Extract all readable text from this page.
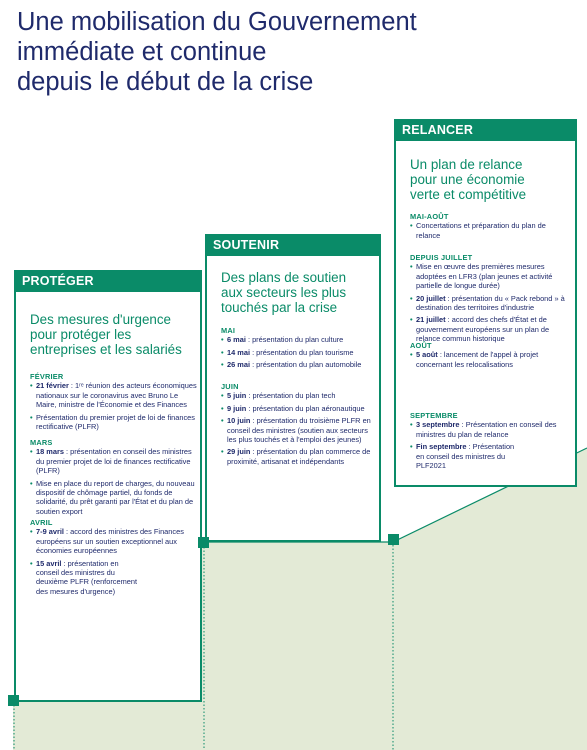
Une mobilisation du Gouvernement
immédiate et continue
depuis le début de la crise
PROTÉGER
Des mesures d'urgence
pour protéger les
entreprises et les salariés
FÉVRIER
• 21 février : 1ʳᵉ réunion des acteurs économiques nationaux sur le coronavirus avec Bruno Le Maire, ministre de l'Économie et des Finances
• Présentation du premier projet de loi de finances rectificative (PLFR)
MARS
• 18 mars : présentation en conseil des ministres du premier projet de loi de finances rectificative (PLFR)
• Mise en place du report de charges, du nouveau dispositif de chômage partiel, du fonds de solidarité, du prêt garanti par l'État et du plan de soutien export
AVRIL
• 7-9 avril : accord des ministres des Finances européens sur un soutien exceptionnel aux économies européennes
• 15 avril : présentation en conseil des ministres du deuxième PLFR (renforcement des mesures d'urgence)
SOUTENIR
Des plans de soutien
aux secteurs les plus
touchés par la crise
MAI
• 6 mai : présentation du plan culture
• 14 mai : présentation du plan tourisme
• 26 mai : présentation du plan automobile
JUIN
• 5 juin : présentation du plan tech
• 9 juin : présentation du plan aéronautique
• 10 juin : présentation du troisième PLFR en conseil des ministres (soutien aux secteurs les plus touchés et à l'emploi des jeunes)
• 29 juin : présentation du plan commerce de proximité, artisanat et indépendants
RELANCER
Un plan de relance
pour une économie
verte et compétitive
MAI-AOÛT
• Concertations et préparation du plan de relance
DEPUIS JUILLET
• Mise en œuvre des premières mesures adoptées en LFR3 (plan jeunes et activité partielle de longue durée)
• 20 juillet : présentation du « Pack rebond » à destination des territoires d'industrie
• 21 juillet : accord des chefs d'État et de gouvernement européens sur un plan de relance commun historique
AOÛT
• 5 août : lancement de l'appel à projet concernant les relocalisations
SEPTEMBRE
• 3 septembre : Présentation en conseil des ministres du plan de relance
• Fin septembre : Présentation en conseil des ministres du PLF2021
